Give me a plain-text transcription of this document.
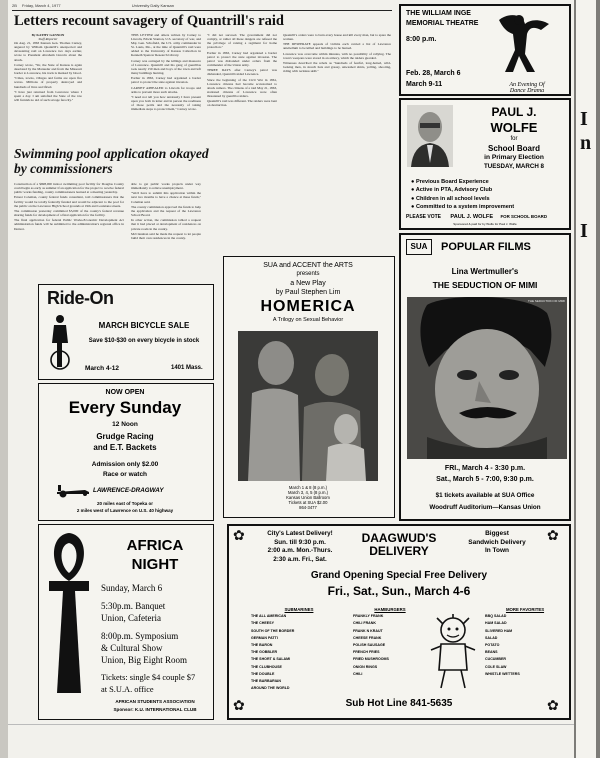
2B Friday, March 4, 1977	University Daily Kansan
Letters recount savagery of Quantrill's raid
By KATHY GANNON
Staff Reporter

On Aug. 21, 1863 Kansan Gen. Thomas Carney, angered by William Quantrill's unexpected and devastating raid on Lawrence two days earlier, wrote to President Abraham Lincoln about the attack.

Carney wrote, "Sir, the State of Kansas is again desolated by the Marauder and from the Missouri border to Lawrence, his track is marked by blood.

"Cities, towns, villages and farms are upon fire waves. Millions of property destroyed and hundreds of lives sacrificed.

"I have just returned from Lawrence where I spent a day. I am satisfied the State of the raw will furnish no aid of such savage ferocity."

THIS LETTER and others written by Carney to Lincoln, Edwin Stanton, U.S. secretary of war, and Maj. Gen. Schofield, the U.S. army commander in St. Louis, Mo., at the time of Quantrill's raid were added to the University of Kansas Collection in Kenneth Spencer Research Library.

Carney was outraged by the killings and massacre of Lawrence. Quantrill and his gang of guerrillas took nearly 150 men and boys of the town and left many buildings burning.

Earlier in 1863, Carney had organized a border patrol to protect the state against invasion.

CARNEY APPEALED to Lincoln for troops and arms to prevent more such attacks.

"I need not tell you how anxiously I have present upon you both in letter and in person the readiness of those perils and the necessity of taking immediate steps to protect them," Carney wrote.

"I did not succeed. The government did not comply, or rather all these dangers are refused me the privilege of raising a regiment for home protection."

Earlier in 1863, Carney had organized a border patrol to protect the state against invasion. The patrol was disbanded under orders from the commander of the Union army.

THREE DAYS after Carney's patrol was disbanded, Quantrill raided Lawrence.

Since the beginning of the Civil War in 1861, Lawrence citizens had become accustomed to attack rumors. The citizens of a raid May 21, 1863, stationed citizens of Lawrence were often threatened by guerrilla raiders.

Quantrill's raid was different. The raiders were bent on destruction.

Quantrill's orders were to burn every house and kill every man, but to spare the women.

THE DESPERATE appeals of victims each carried a list of Lawrence antebellum to be killed and buildings to be burned.

Lawrence was overcome within minutes, with no possibility of rallying. The town's weapons were stored in an armory, which the raiders guarded.

Witnesses described the rebels as "hundreds of fearful, long-haired, wild-looking men, in slouch hats and greasy, unwashed shirts, yelling, shooting, riding with reckless skill."

Swimming pool application okayed by commissioners

Construction of a $698,000 indoor swimming pool facility for Douglas County could begin as early as summer if an application for the project to receive federal public works funding, county commissioners learned at a meeting yesterday.

Ernest Coleman, county federal funds consultant, told commissioners that the facility would be totally federally funded and would be adjacent to the pool for the public on the Lawrence High School grounds at 19th and Louisiana streets.

The commission yesterday committed $5,000 of the county's federal revenue sharing funds for development of a final application for the facility.

The final application for federal Public Works-Economic Development Act administration funds will be submitted to the administration's regional office in Denver.

able to get public works projects under way immediately to relieve unemployment.

"We'd have to submit this application within the next two months to have a chance at these funds," Coleman said.

The county commission approved the funds to help the application and the request of the Lawrence School Board.

In other action, the commission tabled a request that it had placed at development of residences on private roads in the county.

McClanahan said he made the request to let people build their own residences in the county.

Ride-On
MARCH BICYCLE SALE
Save $10-$30 on every bicycle in stock
March 4-12	1401 Mass.
NOW OPEN
Every Sunday
12 Noon
Grudge Racing
and E.T. Backets
Admission only $2.00
Race or watch
LAWRENCE-DRAGWAY
20 miles east of Topeka or
2 miles west of Lawrence on U.S. 40 highway
AFRICA
NIGHT
Sunday, March 6
5:30p.m. Banquet
Union, Cafeteria
8:00p.m. Symposium
& Cultural Show
Union, Big Eight Room
Tickets: single $4 couple $7
at S.U.A. office
AFRICAN STUDENTS ASSOCIATION
Sponsor: K.U. INTERNATIONAL CLUB
SUA and ACCENT the ARTS
presents
a New Play
by Paul Stephen Lim
HOMERICA
A Trilogy on Sexual Behavior
March 1 & 8 (8 p.m.)
March 3, 4, 5 (8 p.m.)
Kansas Union Ballroom
Tickets at SUA $2.00
864-3477
THE WILLIAM INGE
MEMORIAL THEATRE
8:00 p.m.
Feb. 28, March 6
March 9-11	An Evening Of
Dance Drama
PAUL J.
WOLFE
for
School Board
in Primary Election
TUESDAY, MARCH 8
● Previous Board Experience
● Active in PTA, Advisory Club
● Children in all school levels
● Committed to a system improvement
PLEASE VOTE PAUL J. WOLFE FOR SCHOOL BOARD
Sponsored & paid for by Wolfe for Paul J. Wolfe
SUA	POPULAR FILMS
Lina Wertmuller's
THE SEDUCTION OF MIMI
THE SEDUCTION OF MIMI
FRI., March 4 - 3:30 p.m.
Sat., March 5 - 7:00, 9:30 p.m.
$1 tickets available at SUA Office
Woodruff Auditorium—Kansas Union
✿	✿
✿	✿
City's Latest Delivery!
Sun. till 9:30 p.m.
2:00 a.m. Mon.-Thurs.
2:30 a.m. Fri., Sat.
DAAGWUD'S
DELIVERY
Biggest
Sandwich Delivery
In Town
Grand Opening Special Free Delivery
Fri., Sat., Sun., March 4-6
SUBMARINES
THE ALL AMERICAN
THE CHEESY
SOUTH OF THE BORDER
GERMAN PATTI
THE BARON
THE GOBBLER
THE SHORT & SALAMI
THE CLUBHOUSE
THE DOUBLE
THE BARBARIAN
AROUND THE WORLD
HAMBURGERS
FRANKLY FRANK
CHILI FRANK
FRANK N KRAUT
CHEESE FRANK
POLISH SAUSAGE
FRENCH FRIES
FRIED MUSHROOMS
ONION RINGS
CHILI
MORE FAVORITES
BBQ SALAD
HAM SALAD
SLIVERED HAM
SALAD
POTATO
BEANS
CUCUMBER
COLE SLAW
WHISTLE WETTERS
Sub Hot Line 841-5635
I
n
I
